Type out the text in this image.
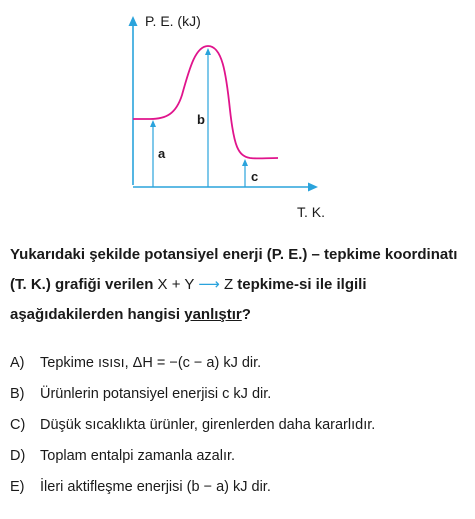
P. E. (kJ)
T. K.
a
b
c

Yukarıdaki şekilde potansiyel enerji (P. E.) – tepkime koordinatı (T. K.) grafiği verilen X + Y ⟶ Z tepkime-si ile ilgili aşağıdakilerden hangisi yanlıştır?

A) Tepkime ısısı, ΔH = −(c − a) kJ dir.
B) Ürünlerin potansiyel enerjisi c kJ dir.
C) Düşük sıcaklıkta ürünler, girenlerden daha kararlıdır.
D) Toplam entalpi zamanla azalır.
E) İleri aktifleşme enerjisi (b − a) kJ dir.
